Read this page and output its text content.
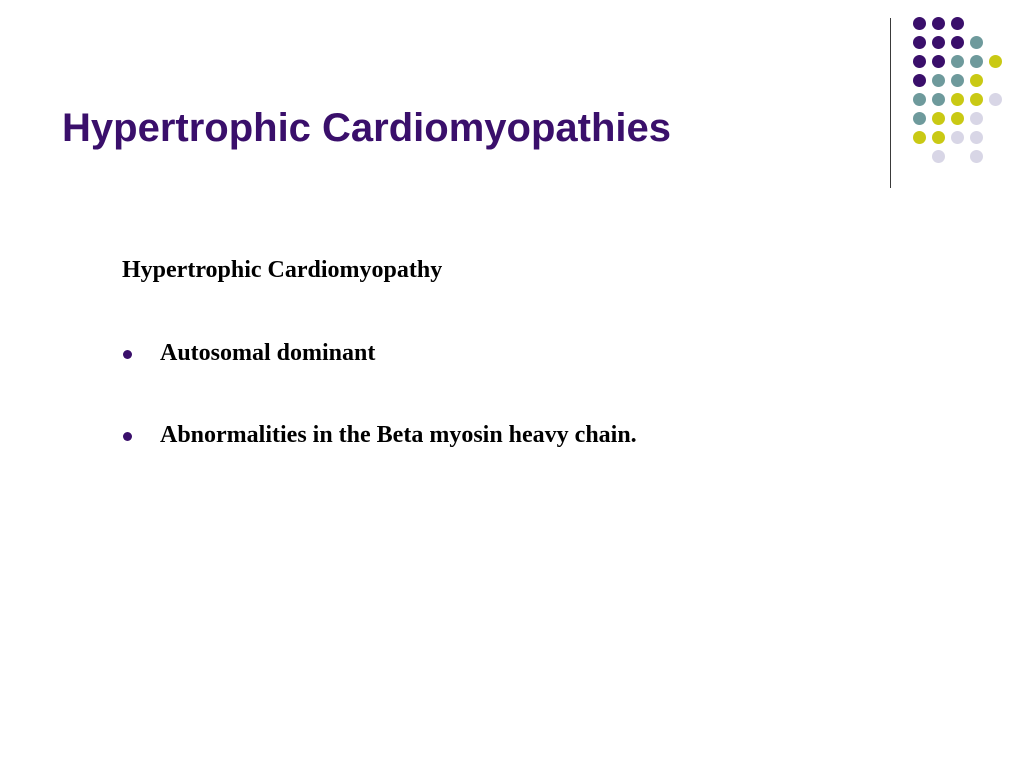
Hypertrophic Cardiomyopathies

Hypertrophic Cardiomyopathy

Autosomal dominant
Abnormalities in the Beta myosin heavy chain.
